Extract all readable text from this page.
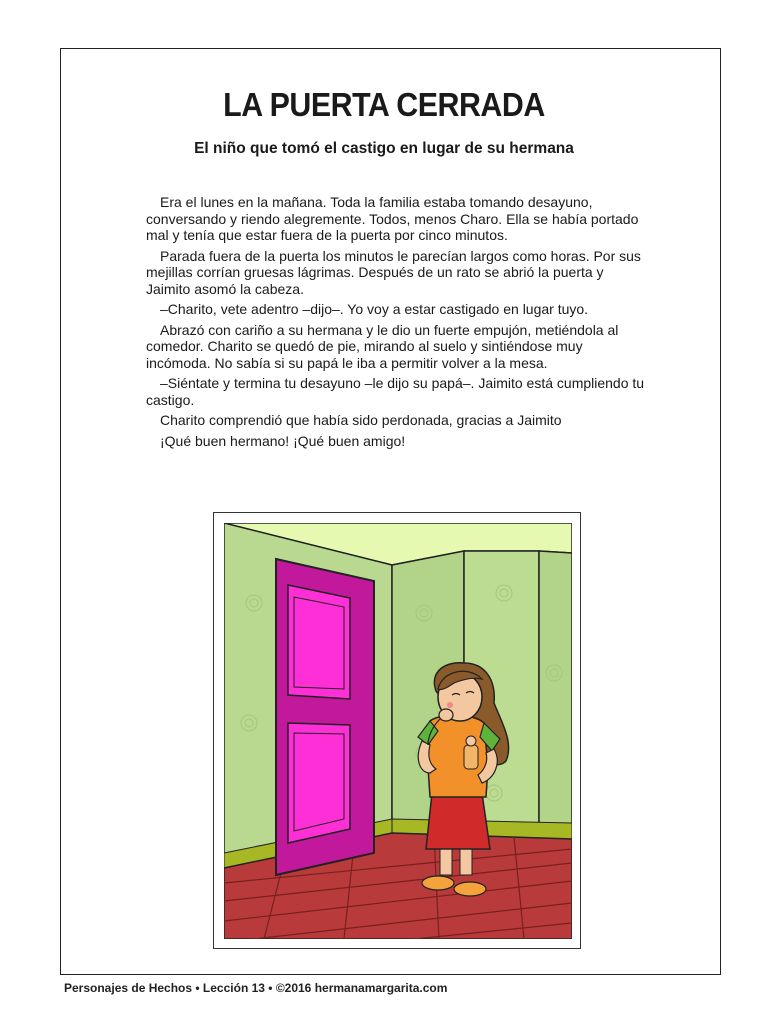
LA PUERTA CERRADA
El niño que tomó el castigo en lugar de su hermana

Era el lunes en la mañana. Toda la familia estaba tomando desayuno, conversando y riendo alegremente. Todos, menos Charo. Ella se había portado mal y tenía que estar fuera de la puerta por cinco minutos.

Parada fuera de la puerta los minutos le parecían largos como horas. Por sus mejillas corrían gruesas lágrimas. Después de un rato se abrió la puerta y Jaimito asomó la cabeza.

–Charito, vete adentro –dijo–. Yo voy a estar castigado en lugar tuyo.

Abrazó con cariño a su hermana y le dio un fuerte empujón, metiéndola al comedor. Charito se quedó de pie, mirando al suelo y sintiéndose muy incómoda. No sabía si su papá le iba a permitir volver a la mesa.

–Siéntate y termina tu desayuno –le dijo su papá–. Jaimito está cumpliendo tu castigo.

Charito comprendió que había sido perdonada, gracias a Jaimito

¡Qué buen hermano! ¡Qué buen amigo!

Personajes de Hechos • Lección 13 • ©2016 hermanamargarita.com
